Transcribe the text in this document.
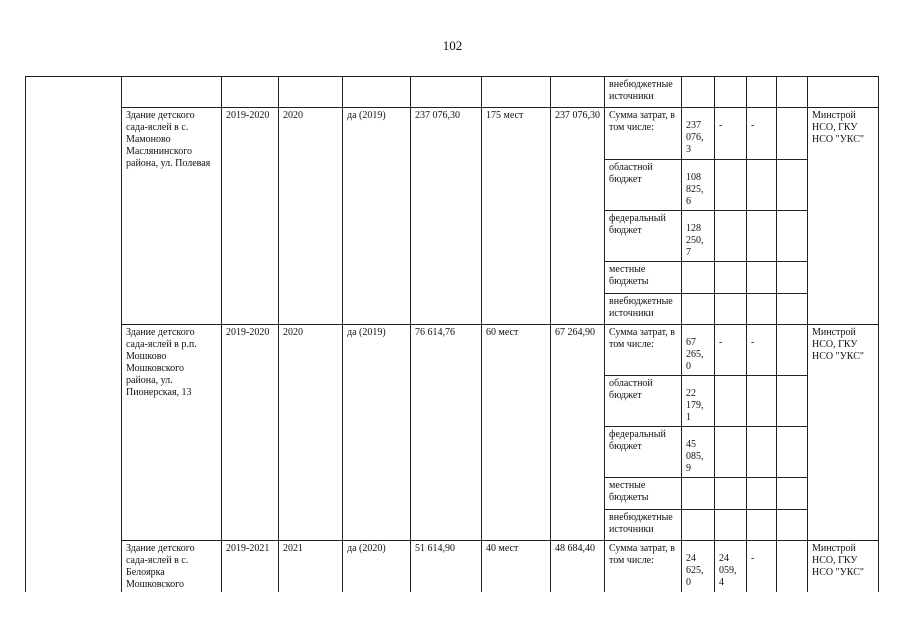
102
								внебюджетные источники					
	Здание детского сада-яслей в с. Мамоново Маслянинского района, ул. Полевая	2019-2020	2020	да (2019)	237 076,30	175 мест	237 076,30	Сумма затрат, в том числе:	237 076, 3	-	-		Минстрой НСО, ГКУ НСО "УКС"
								областной бюджет	108 825, 6				
								федеральный бюджет	128 250, 7				
								местные бюджеты					
								внебюджетные источники					
	Здание детского сада-яслей в р.п. Мошково Мошковского района, ул. Пионерская, 13	2019-2020	2020	да (2019)	76 614,76	60 мест	67 264,90	Сумма затрат, в том числе:	67 265, 0	-	-		Минстрой НСО, ГКУ НСО "УКС"
								областной бюджет	22 179, 1				
								федеральный бюджет	45 085, 9				
								местные бюджеты					
								внебюджетные источники					
	Здание детского сада-яслей в с. Белоярка Мошковского	2019-2021	2021	да (2020)	51 614,90	40 мест	48 684,40	Сумма затрат, в том числе:	24 625, 0	24 059, 4	-		Минстрой НСО, ГКУ НСО "УКС"
